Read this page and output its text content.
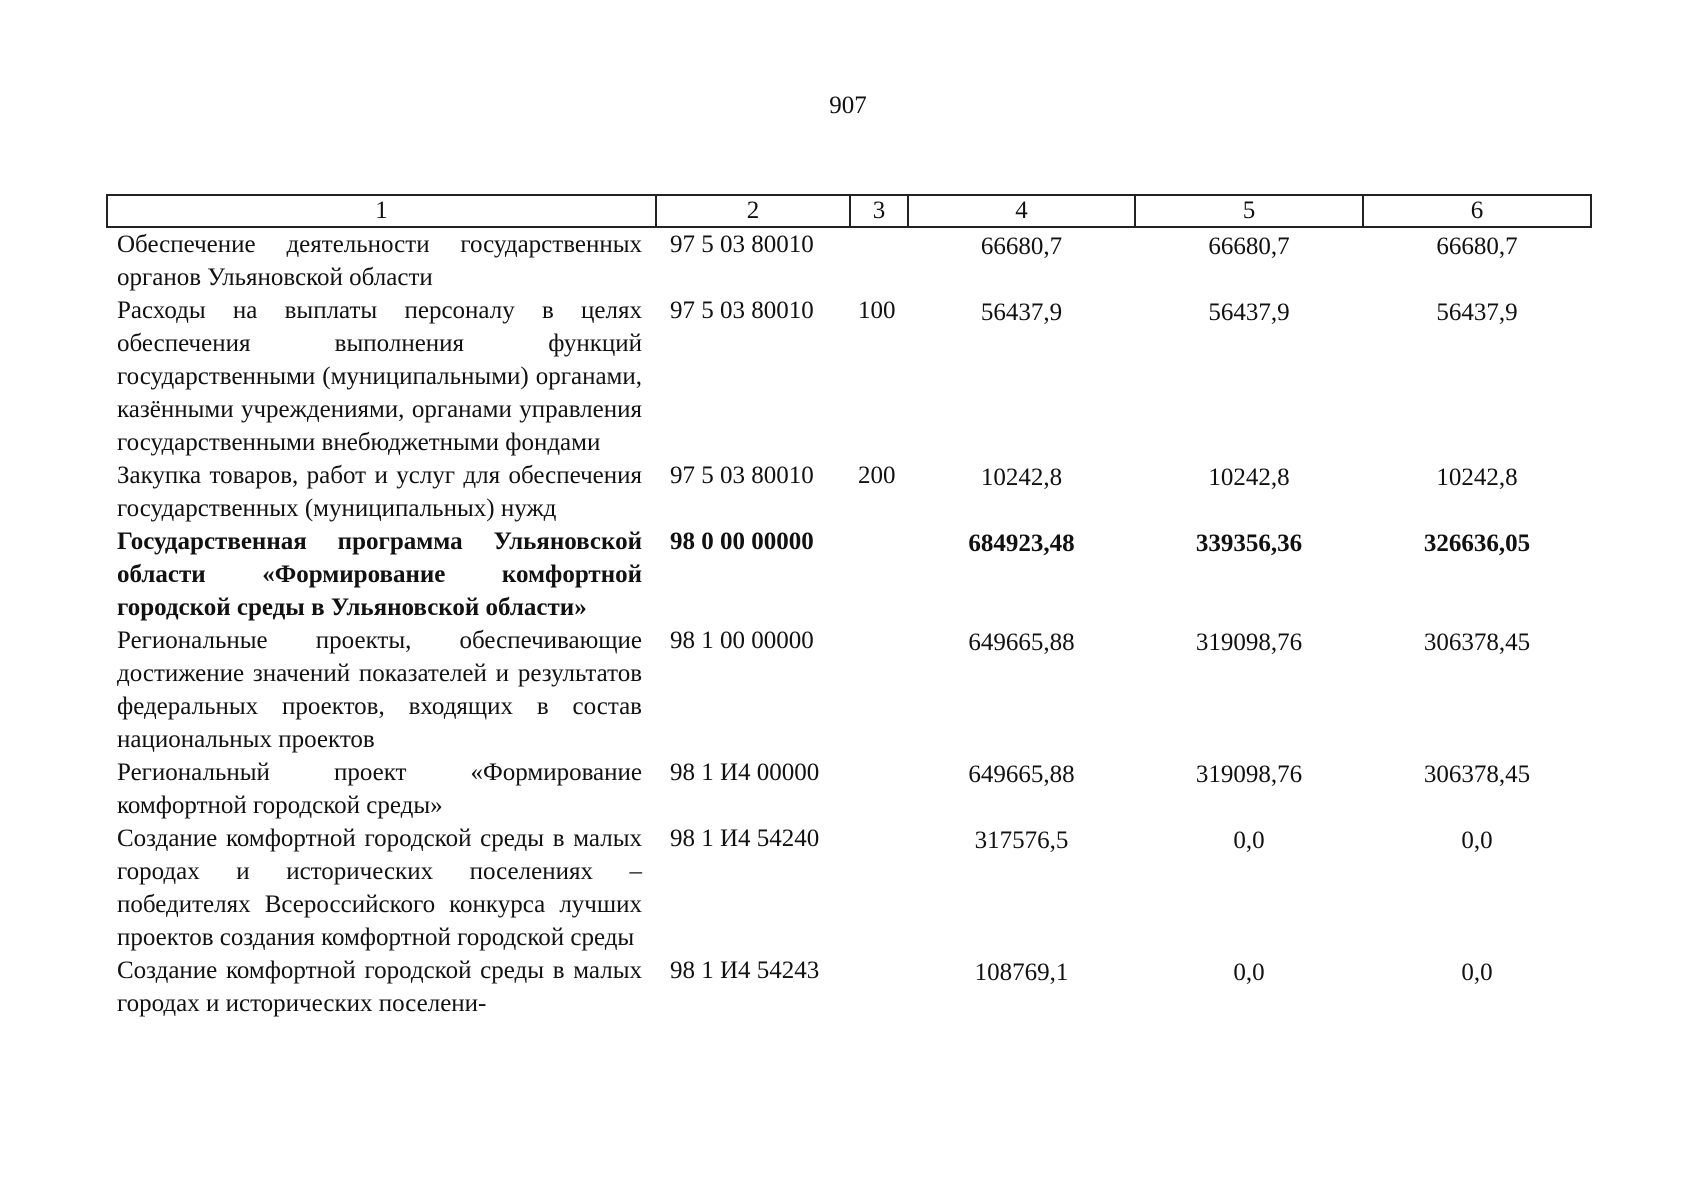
907
1	2	3	4	5	6
Обеспечение деятельности государственных органов Ульяновской области	97 5 03 80010		66680,7	66680,7	66680,7
Расходы на выплаты персоналу в целях обеспечения выполнения функций государственными (муниципальными) органами, казёнными учреждениями, органами управления государственными внебюджетными фондами	97 5 03 80010	100	56437,9	56437,9	56437,9
Закупка товаров, работ и услуг для обеспечения государственных (муниципальных) нужд	97 5 03 80010	200	10242,8	10242,8	10242,8
Государственная программа Ульяновской области «Формирование комфортной городской среды в Ульяновской области»	98 0 00 00000		684923,48	339356,36	326636,05
Региональные проекты, обеспечивающие достижение значений показателей и результатов федеральных проектов, входящих в состав национальных проектов	98 1 00 00000		649665,88	319098,76	306378,45
Региональный проект «Формирование комфортной городской среды»	98 1 И4 00000		649665,88	319098,76	306378,45
Создание комфортной городской среды в малых городах и исторических поселениях – победителях Всероссийского конкурса лучших проектов создания комфортной городской среды	98 1 И4 54240		317576,5	0,0	0,0
Создание комфортной городской среды в малых городах и исторических поселени-	98 1 И4 54243		108769,1	0,0	0,0
